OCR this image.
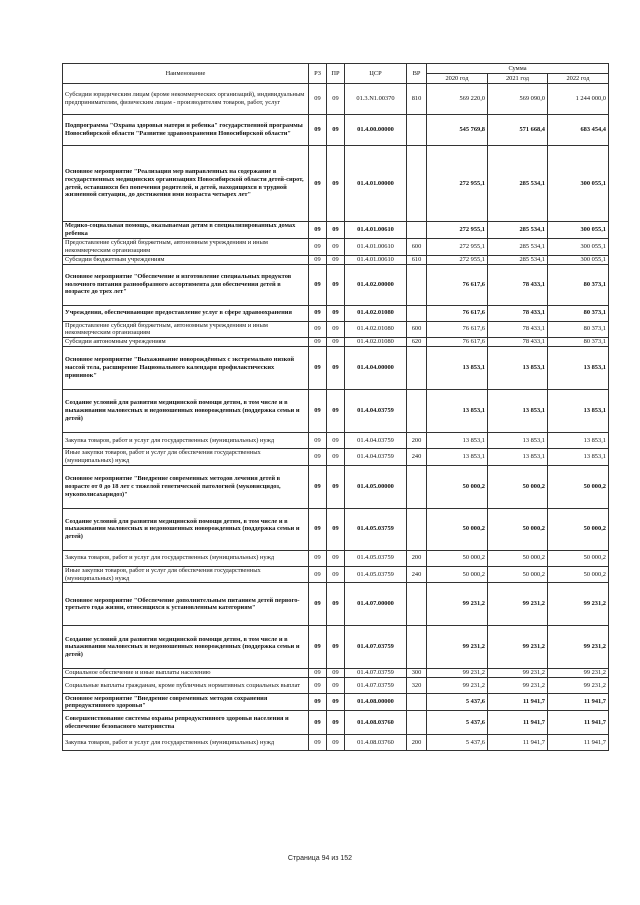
Наименование	РЗ	ПР	ЦСР	ВР	Сумма		
					2020 год	2021 год	2022 год
Субсидии юридическим лицам (кроме некоммерческих организаций), индивидуальным предпринимателям, физическим лицам - производителям товаров, работ, услуг	09	09	01.3.N1.00370	810	569 220,0	569 090,0	1 244 000,0
Подпрограмма "Охрана здоровья матери и ребенка" государственной программы Новосибирской области "Развитие здравоохранения Новосибирской области"	09	09	01.4.00.00000		545 769,8	571 668,4	683 454,4
Основное мероприятие "Реализация мер направленных на содержание в государственных медицинских организациях Новосибирской области детей-сирот, детей, оставшихся без попечения родителей, и детей, находящихся в трудной жизненной ситуации, до достижения ими возраста четырех лет"	09	09	01.4.01.00000		272 955,1	285 534,1	300 055,1
Медико-социальная помощь, оказываемая детям в специализированных домах ребенка	09	09	01.4.01.00610		272 955,1	285 534,1	300 055,1
Предоставление субсидий бюджетным, автономным учреждениям и иным некоммерческим организациям	09	09	01.4.01.00610	600	272 955,1	285 534,1	300 055,1
Субсидии бюджетным учреждениям	09	09	01.4.01.00610	610	272 955,1	285 534,1	300 055,1
Основное мероприятие "Обеспечение и изготовление специальных продуктов молочного питания разнообразного ассортимента для обеспечения детей в возрасте до трех лет"	09	09	01.4.02.00000		76 617,6	78 433,1	80 373,1
Учреждения, обеспечивающие предоставление услуг в сфере здравоохранения	09	09	01.4.02.01080		76 617,6	78 433,1	80 373,1
Предоставление субсидий бюджетным, автономным учреждениям и иным некоммерческим организациям	09	09	01.4.02.01080	600	76 617,6	78 433,1	80 373,1
Субсидии автономным учреждениям	09	09	01.4.02.01080	620	76 617,6	78 433,1	80 373,1
Основное мероприятие "Выхаживание новорождённых с экстремально низкой массой тела, расширение Национального календаря профилактических прививок"	09	09	01.4.04.00000		13 853,1	13 853,1	13 853,1
Создание условий для развития медицинской помощи детям, в том числе и в выхаживании маловесных и недоношенных новорожденных (поддержка семьи и детей)	09	09	01.4.04.03759		13 853,1	13 853,1	13 853,1
Закупка товаров, работ и услуг для государственных (муниципальных) нужд	09	09	01.4.04.03759	200	13 853,1	13 853,1	13 853,1
Иные закупки товаров, работ и услуг для обеспечения государственных (муниципальных) нужд	09	09	01.4.04.03759	240	13 853,1	13 853,1	13 853,1
Основное мероприятие "Внедрение современных методов лечения детей в возрасте от 0 до 18 лет с тяжелой генетической патологией (муковисцидоз, мукополисахаридоз)"	09	09	01.4.05.00000		50 000,2	50 000,2	50 000,2
Создание условий для развития медицинской помощи детям, в том числе и в выхаживании маловесных и недоношенных новорожденных (поддержка семьи и детей)	09	09	01.4.05.03759		50 000,2	50 000,2	50 000,2
Закупка товаров, работ и услуг для государственных (муниципальных) нужд	09	09	01.4.05.03759	200	50 000,2	50 000,2	50 000,2
Иные закупки товаров, работ и услуг для обеспечения государственных (муниципальных) нужд	09	09	01.4.05.03759	240	50 000,2	50 000,2	50 000,2
Основное мероприятие "Обеспечение дополнительным питанием детей первого-третьего года жизни, относящихся к установленным категориям"	09	09	01.4.07.00000		99 231,2	99 231,2	99 231,2
Создание условий для развития медицинской помощи детям, в том числе и в выхаживании маловесных и недоношенных новорожденных (поддержка семьи и детей)	09	09	01.4.07.03759		99 231,2	99 231,2	99 231,2
Социальное обеспечение и иные выплаты населению	09	09	01.4.07.03759	300	99 231,2	99 231,2	99 231,2
Социальные выплаты гражданам, кроме публичных нормативных социальных выплат	09	09	01.4.07.03759	320	99 231,2	99 231,2	99 231,2
Основное мероприятие "Внедрение современных методов сохранения репродуктивного здоровья"	09	09	01.4.08.00000		5 437,6	11 941,7	11 941,7
Совершенствование системы охраны репродуктивного здоровья населения и обеспечение безопасного материнства	09	09	01.4.08.03760		5 437,6	11 941,7	11 941,7
Закупка товаров, работ и услуг для государственных (муниципальных) нужд	09	09	01.4.08.03760	200	5 437,6	11 941,7	11 941,7
Страница 94 из 152
